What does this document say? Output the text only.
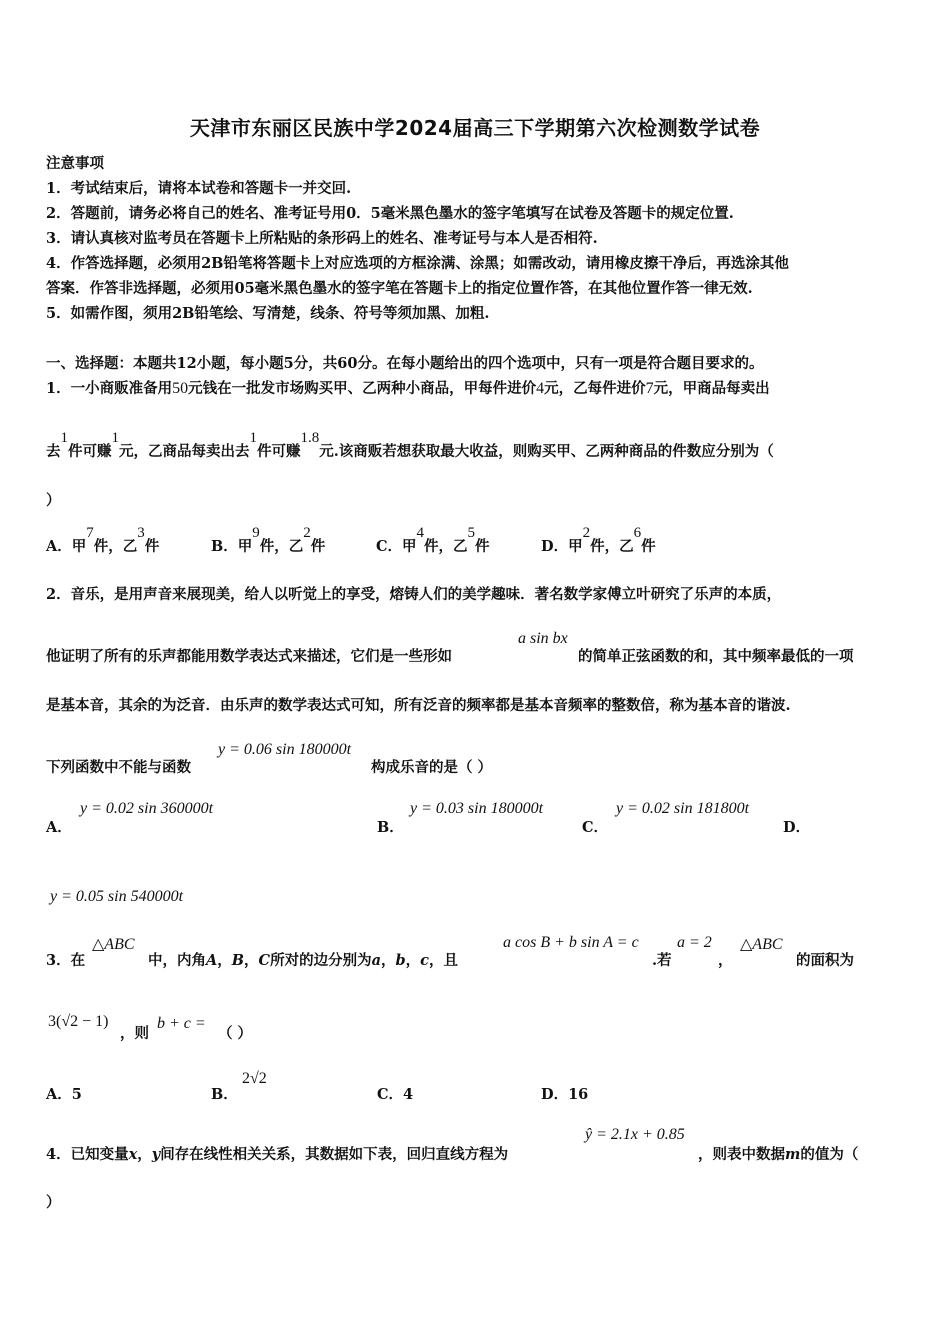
天津市东丽区民族中学2024届高三下学期第六次检测数学试卷
注意事项
1．考试结束后，请将本试卷和答题卡一并交回.
2．答题前，请务必将自己的姓名、准考证号用0．5毫米黑色墨水的签字笔填写在试卷及答题卡的规定位置.
3．请认真核对监考员在答题卡上所粘贴的条形码上的姓名、准考证号与本人是否相符.
4．作答选择题，必须用2B铅笔将答题卡上对应选项的方框涂满、涂黑；如需改动，请用橡皮擦干净后，再选涂其他
答案．作答非选择题，必须用05毫米黑色墨水的签字笔在答题卡上的指定位置作答，在其他位置作答一律无效.
5．如需作图，须用2B铅笔绘、写清楚，线条、符号等须加黑、加粗.
一、选择题：本题共12小题，每小题5分，共60分。在每小题给出的四个选项中，只有一项是符合题目要求的。
1．一小商贩准备用50元钱在一批发市场购买甲、乙两种小商品，甲每件进价4元，乙每件进价7元，甲商品每卖出
去1件可赚1元，乙商品每卖出去1件可赚1.8元.该商贩若想获取最大收益，则购买甲、乙两种商品的件数应分别为（
）
A．甲7件，乙3件	B．甲9件，乙2件	C．甲4件，乙5件	D．甲2件，乙6件
2．音乐，是用声音来展现美，给人以听觉上的享受，熔铸人们的美学趣味．著名数学家傅立叶研究了乐声的本质，
他证明了所有的乐声都能用数学表达式来描述，它们是一些形如
a sin bx
的简单正弦函数的和，其中频率最低的一项
是基本音，其余的为泛音．由乐声的数学表达式可知，所有泛音的频率都是基本音频率的整数倍，称为基本音的谐波.
下列函数中不能与函数
y = 0.06 sin 180000t
构成乐音的是（ ）
A．
y = 0.02 sin 360000t
B．
y = 0.03 sin 180000t
C．
y = 0.02 sin 181800t
D．
y = 0.05 sin 540000t
3．在
△ABC
中，内角A，B，C所对的边分别为a，b，c，且
a cos B + b sin A = c
.若
a = 2
，
△ABC
的面积为
3(√2 − 1)
，则
b + c =
（ ）
A．5	B．
2√2
C．4	D．16
4．已知变量x，y间存在线性相关关系，其数据如下表，回归直线方程为
ŷ = 2.1x + 0.85
，则表中数据m的值为（
）
